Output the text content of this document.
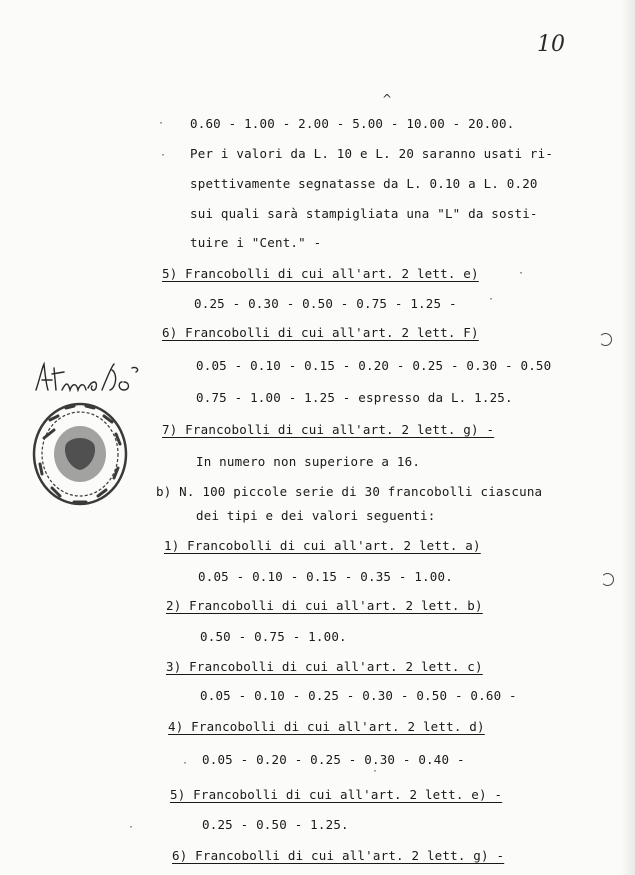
10
^
·
·
·
·
·
·
·
0.60 - 1.00 - 2.00 - 5.00 - 10.00 - 20.00.
Per i valori da L. 10 e L. 20 saranno usati ri-
spettivamente segnatasse da L. 0.10 a L. 0.20
sui quali sarà stampigliata una "L" da sosti-
tuire i "Cent." -
5) Francobolli di cui all'art. 2 lett. e)
0.25 - 0.30 - 0.50 - 0.75 - 1.25 -
6) Francobolli di cui all'art. 2 lett. F)
0.05 - 0.10 - 0.15 - 0.20 - 0.25 - 0.30 - 0.50
0.75 - 1.00 - 1.25 - espresso da L. 1.25.
7) Francobolli di cui all'art. 2 lett. g) -
In numero non superiore a 16.
b) N. 100 piccole serie di 30 francobolli ciascuna
dei tipi e dei valori seguenti:
1) Francobolli di cui all'art. 2 lett. a)
0.05 - 0.10 - 0.15 - 0.35 - 1.00.
2) Francobolli di cui all'art. 2 lett. b)
0.50 - 0.75 - 1.00.
3) Francobolli di cui all'art. 2 lett. c)
0.05 - 0.10 - 0.25 - 0.30 - 0.50 - 0.60 -
4) Francobolli di cui all'art. 2 lett. d)
0.05 - 0.20 - 0.25 - 0.30 - 0.40 -
5) Francobolli di cui all'art. 2 lett. e) -
0.25 - 0.50 - 1.25.
6) Francobolli di cui all'art. 2 lett. g) -
